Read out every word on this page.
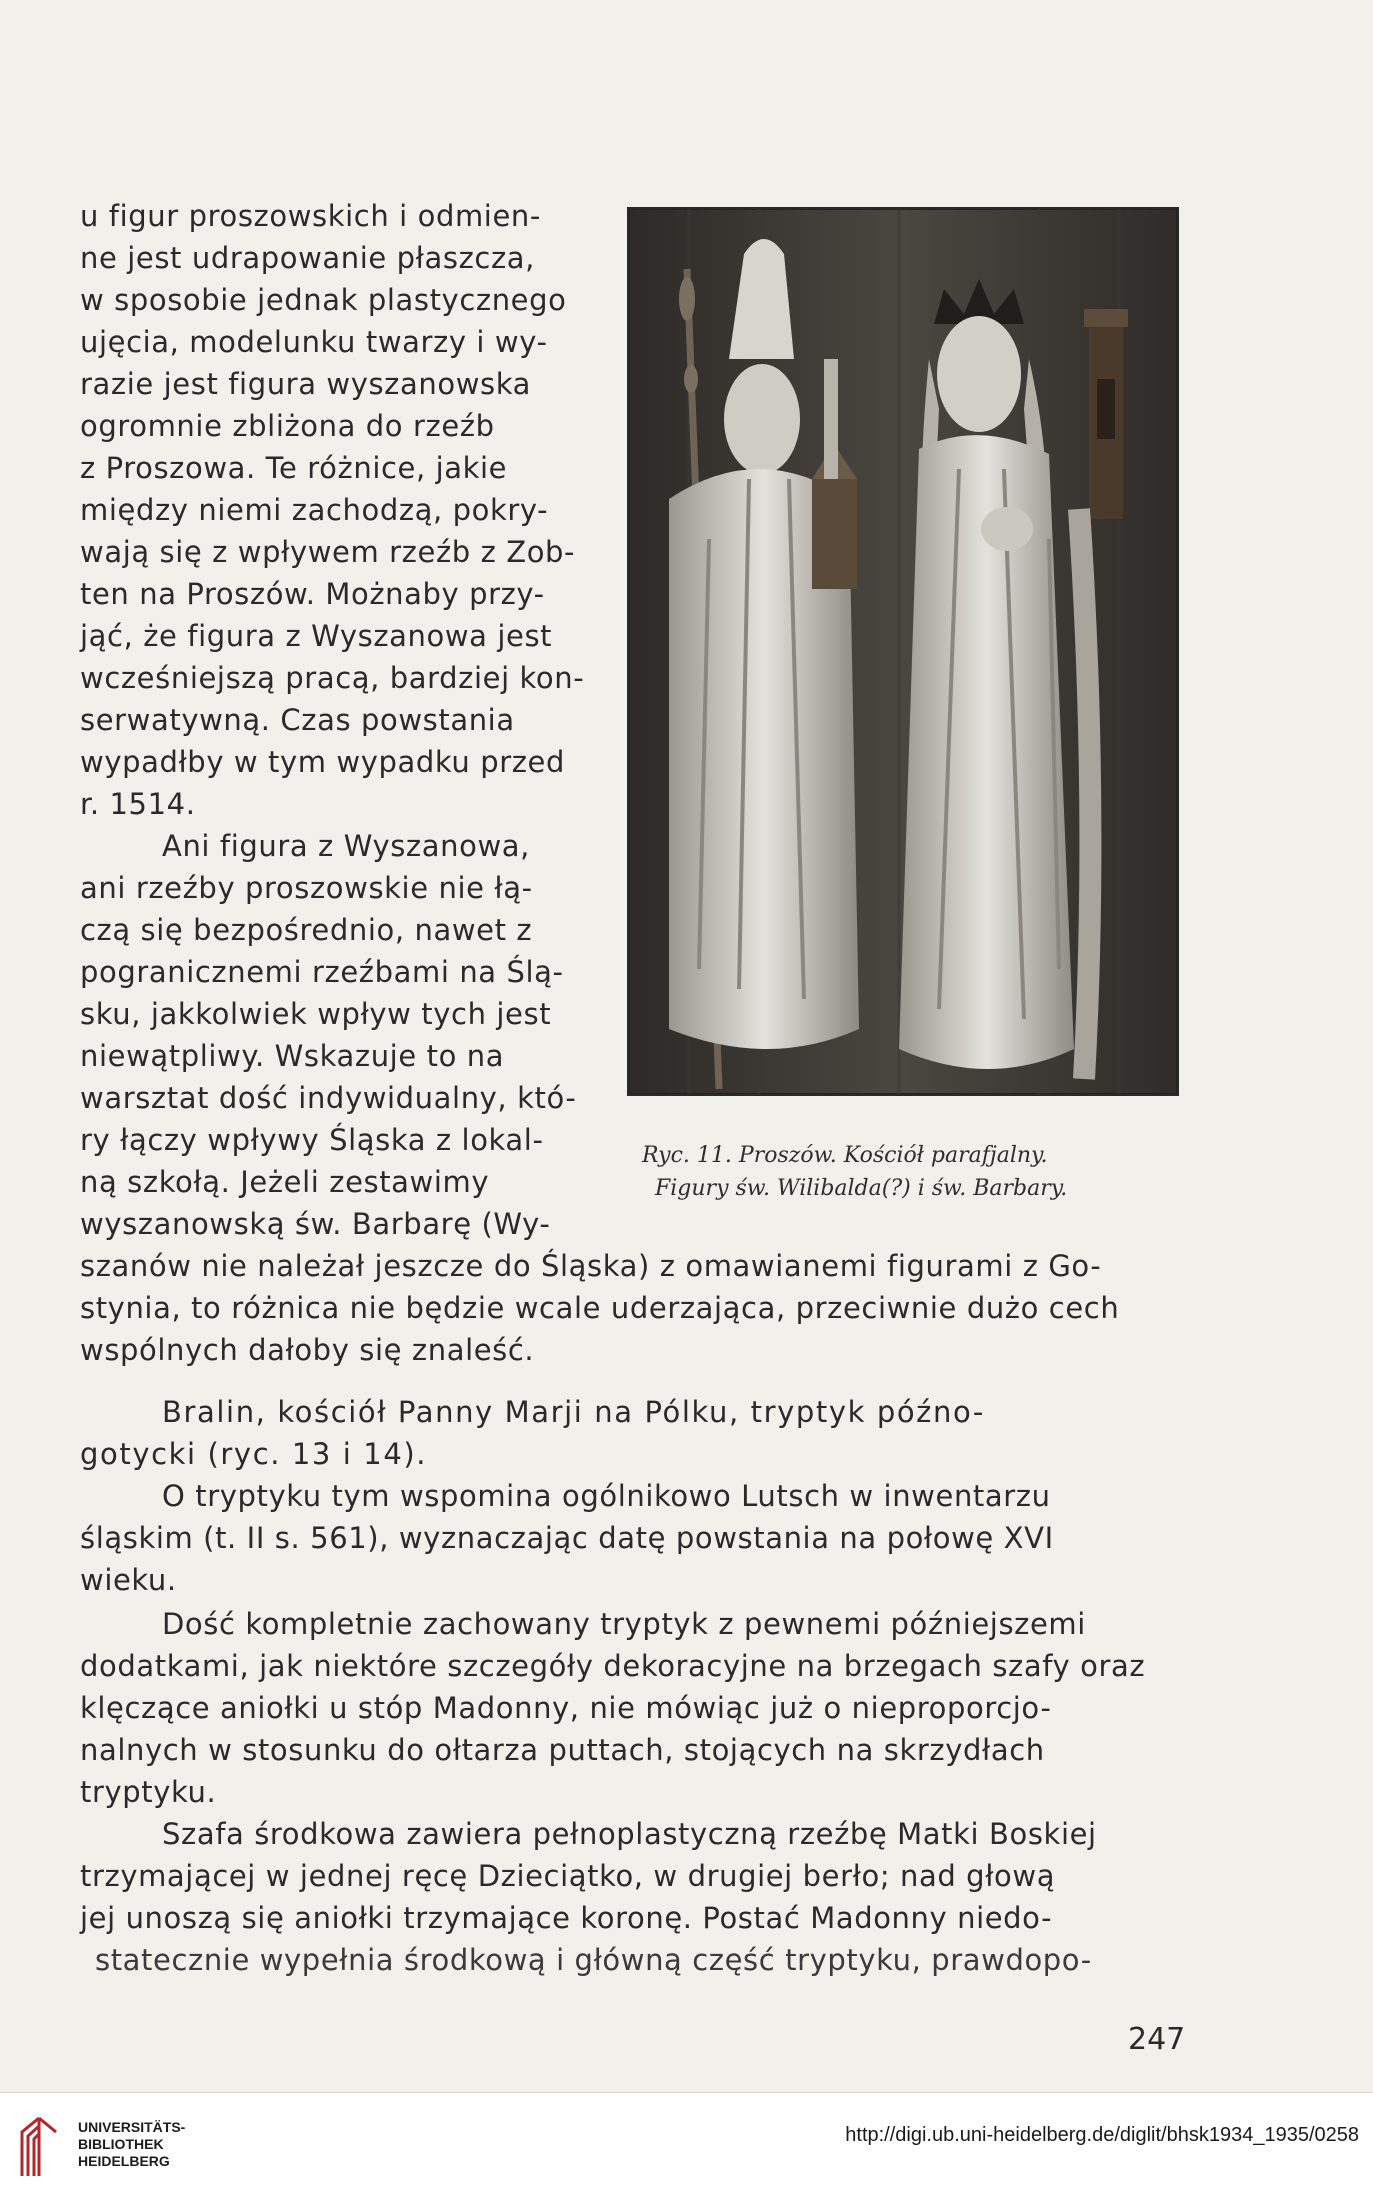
u figur proszowskich i odmien-
ne jest udrapowanie płaszcza,
w sposobie jednak plastycznego
ujęcia, modelunku twarzy i wy-
razie jest figura wyszanowska
ogromnie zbliżona do rzeźb
z Proszowa. Te różnice, jakie
między niemi zachodzą, pokry-
wają się z wpływem rzeźb z Zob-
ten na Proszów. Możnaby przy-
jąć, że figura z Wyszanowa jest
wcześniejszą pracą, bardziej kon-
serwatywną. Czas powstania
wypadłby w tym wypadku przed
r. 1514.
Ani figura z Wyszanowa,
ani rzeźby proszowskie nie łą-
czą się bezpośrednio, nawet z
pogranicznemi rzeźbami na Ślą-
sku, jakkolwiek wpływ tych jest
niewątpliwy. Wskazuje to na
warsztat dość indywidualny, któ-
ry łączy wpływy Śląska z lokal-
ną szkołą. Jeżeli zestawimy
wyszanowską św. Barbarę (Wy-
Ryc. 11. Proszów. Kościół parafjalny.
Figury św. Wilibalda(?) i św. Barbary.
szanów nie należał jeszcze do Śląska) z omawianemi figurami z Go-
stynia, to różnica nie będzie wcale uderzająca, przeciwnie dużo cech
wspólnych dałoby się znaleść.
Bralin, kościół Panny Marji na Pólku, tryptyk późno-
gotycki (ryc. 13 i 14).
O tryptyku tym wspomina ogólnikowo Lutsch w inwentarzu
śląskim (t. II s. 561), wyznaczając datę powstania na połowę XVI
wieku.
Dość kompletnie zachowany tryptyk z pewnemi późniejszemi
dodatkami, jak niektóre szczegóły dekoracyjne na brzegach szafy oraz
klęczące aniołki u stóp Madonny, nie mówiąc już o nieproporcjo-
nalnych w stosunku do ołtarza puttach, stojących na skrzydłach
tryptyku.
Szafa środkowa zawiera pełnoplastyczną rzeźbę Matki Boskiej
trzymającej w jednej ręcę Dzieciątko, w drugiej berło; nad głową
jej unoszą się aniołki trzymające koronę. Postać Madonny niedo-
statecznie wypełnia środkową i główną część tryptyku, prawdopo-
247
UNIVERSITÄTS-
BIBLIOTHEK
HEIDELBERG
http://digi.ub.uni-heidelberg.de/diglit/bhsk1934_1935/0258
